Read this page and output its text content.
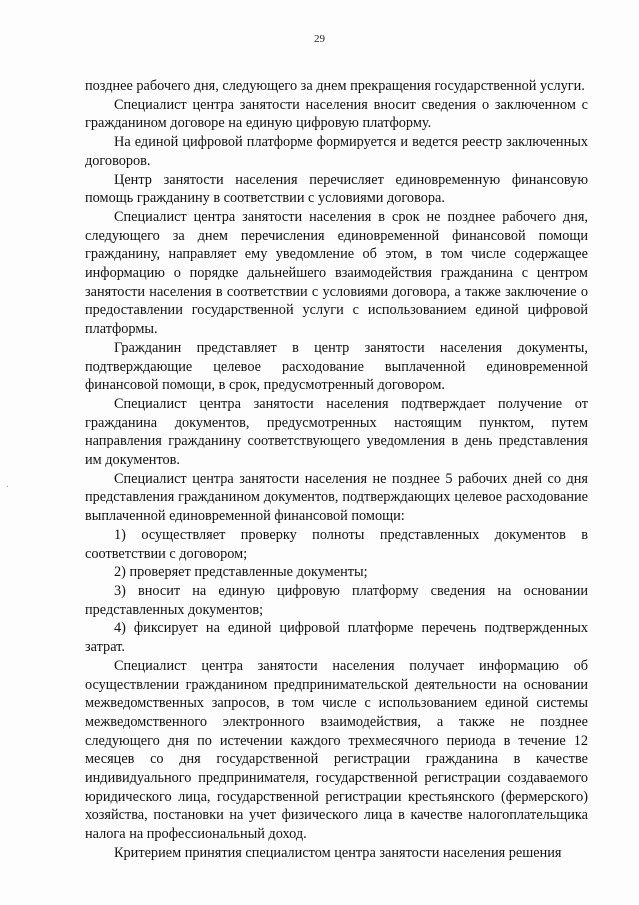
29

позднее рабочего дня, следующего за днем прекращения государственной услуги.

Специалист центра занятости населения вносит сведения о заключенном с гражданином договоре на единую цифровую платформу.

На единой цифровой платформе формируется и ведется реестр заключенных договоров.

Центр занятости населения перечисляет единовременную финансовую помощь гражданину в соответствии с условиями договора.

Специалист центра занятости населения в срок не позднее рабочего дня, следующего за днем перечисления единовременной финансовой помощи гражданину, направляет ему уведомление об этом, в том числе содержащее информацию о порядке дальнейшего взаимодействия гражданина с центром занятости населения в соответствии с условиями договора, а также заключение о предоставлении государственной услуги с использованием единой цифровой платформы.

Гражданин представляет в центр занятости населения документы, подтверждающие целевое расходование выплаченной единовременной финансовой помощи, в срок, предусмотренный договором.

Специалист центра занятости населения подтверждает получение от гражданина документов, предусмотренных настоящим пунктом, путем направления гражданину соответствующего уведомления в день представления им документов.

Специалист центра занятости населения не позднее 5 рабочих дней со дня представления гражданином документов, подтверждающих целевое расходование выплаченной единовременной финансовой помощи:

1) осуществляет проверку полноты представленных документов в соответствии с договором;

2) проверяет представленные документы;

3) вносит на единую цифровую платформу сведения на основании представленных документов;

4) фиксирует на единой цифровой платформе перечень подтвержденных затрат.

Специалист центра занятости населения получает информацию об осуществлении гражданином предпринимательской деятельности на основании межведомственных запросов, в том числе с использованием единой системы межведомственного электронного взаимодействия, а также не позднее следующего дня по истечении каждого трехмесячного периода в течение 12 месяцев со дня государственной регистрации гражданина в качестве индивидуального предпринимателя, государственной регистрации создаваемого юридического лица, государственной регистрации крестьянского (фермерского) хозяйства, постановки на учет физического лица в качестве налогоплательщика налога на профессиональный доход.

Критерием принятия специалистом центра занятости населения решения
